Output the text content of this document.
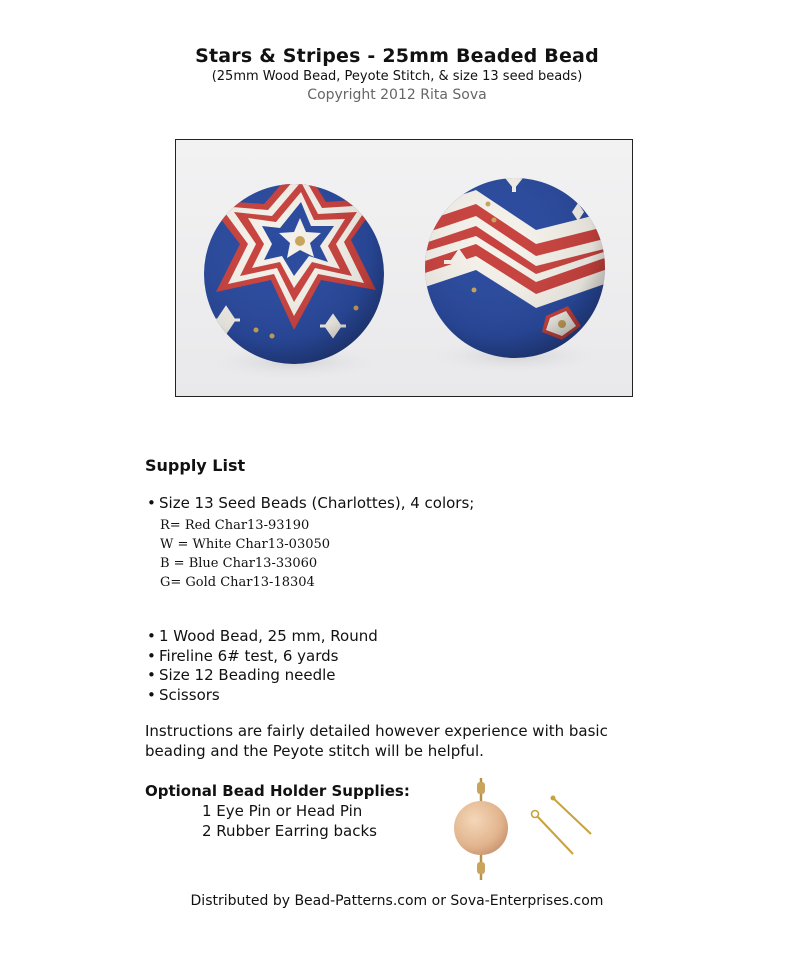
Stars & Stripes - 25mm Beaded Bead
(25mm Wood Bead, Peyote Stitch, & size 13 seed beads)
Copyright 2012 Rita Sova

Supply List

• Size 13 Seed Beads (Charlottes), 4 colors;
R= Red Char13-93190
W = White Char13-03050
B = Blue Char13-33060
G= Gold Char13-18304
• 1 Wood Bead, 25 mm, Round
• Fireline 6# test, 6 yards
• Size 12 Beading needle
• Scissors

Instructions are fairly detailed however experience with basic beading and the Peyote stitch will be helpful.

Optional Bead Holder Supplies:

1 Eye Pin or Head Pin
2 Rubber Earring backs
Distributed by Bead-Patterns.com or Sova-Enterprises.com
